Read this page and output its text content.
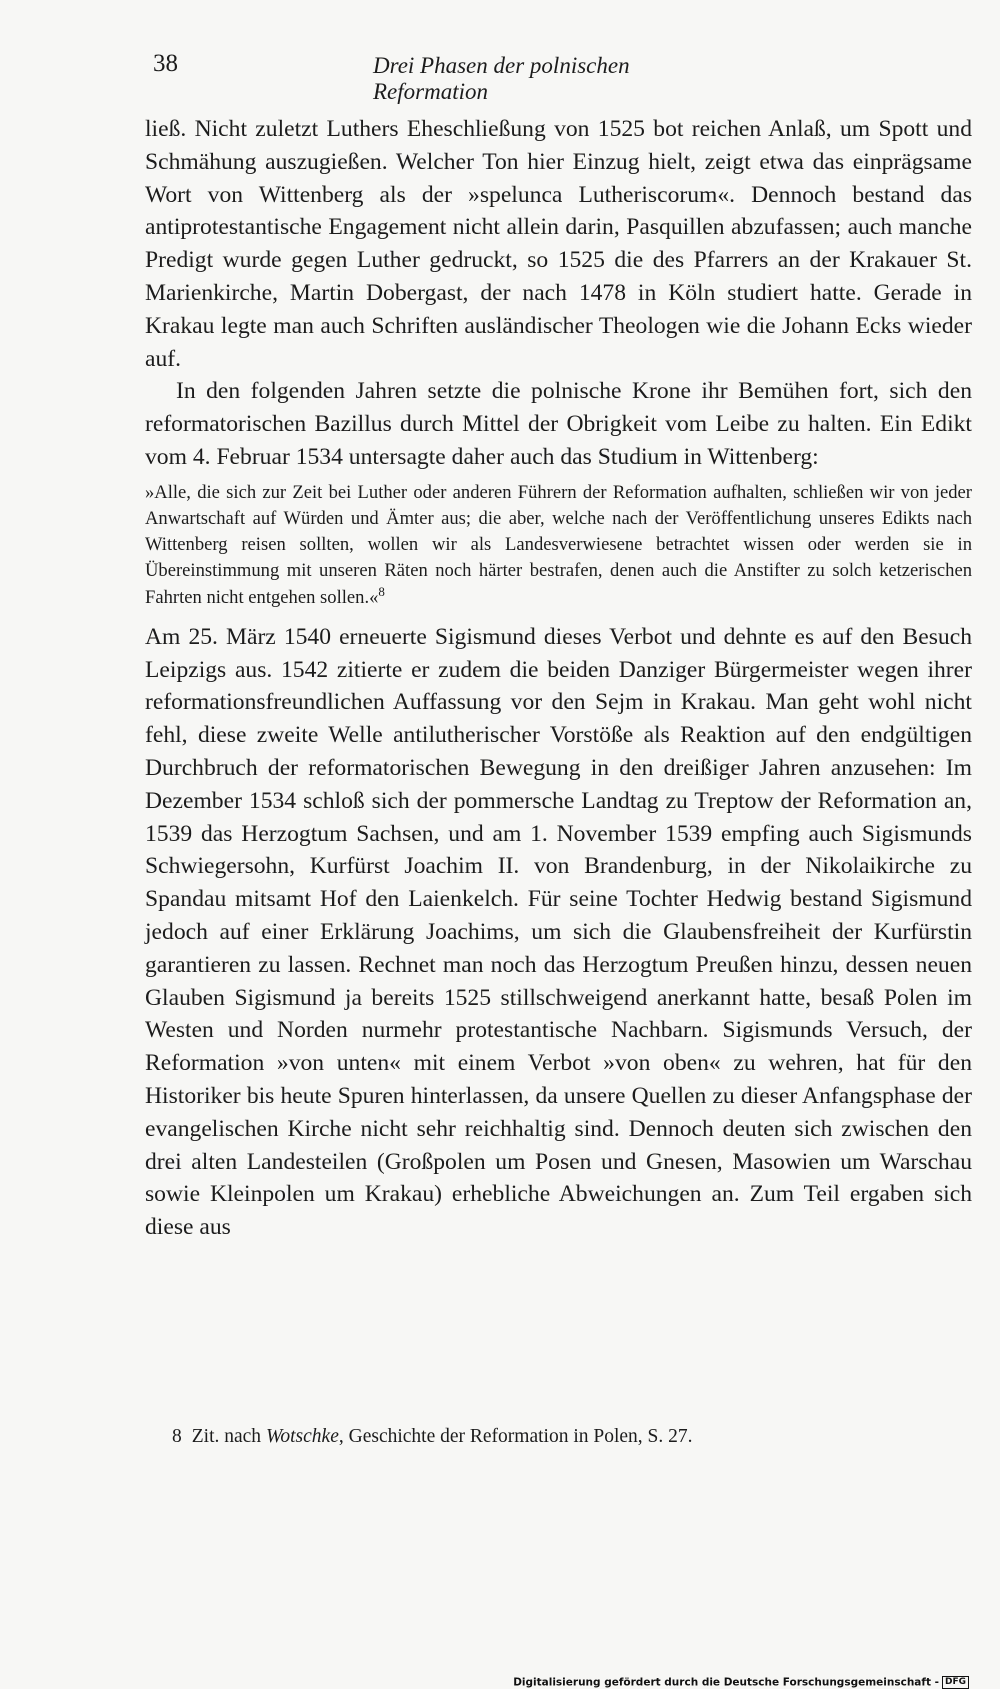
38	Drei Phasen der polnischen Reformation

ließ. Nicht zuletzt Luthers Eheschließung von 1525 bot reichen Anlaß, um Spott und Schmähung auszugießen. Welcher Ton hier Einzug hielt, zeigt etwa das einprägsame Wort von Wittenberg als der »spelunca Lutheriscorum«. Dennoch bestand das antiprotestantische Engagement nicht allein darin, Pasquillen abzufassen; auch manche Predigt wurde gegen Luther gedruckt, so 1525 die des Pfarrers an der Krakauer St. Marienkirche, Martin Dobergast, der nach 1478 in Köln studiert hatte. Gerade in Krakau legte man auch Schriften ausländischer Theologen wie die Johann Ecks wieder auf.

In den folgenden Jahren setzte die polnische Krone ihr Bemühen fort, sich den reformatorischen Bazillus durch Mittel der Obrigkeit vom Leibe zu halten. Ein Edikt vom 4. Februar 1534 untersagte daher auch das Studium in Wittenberg:

»Alle, die sich zur Zeit bei Luther oder anderen Führern der Reformation aufhalten, schließen wir von jeder Anwartschaft auf Würden und Ämter aus; die aber, welche nach der Veröffentlichung unseres Edikts nach Wittenberg reisen sollten, wollen wir als Landesverwiesene betrachtet wissen oder werden sie in Übereinstimmung mit unseren Räten noch härter bestrafen, denen auch die Anstifter zu solch ketzerischen Fahrten nicht entgehen sollen.«$^8$

Am 25. März 1540 erneuerte Sigismund dieses Verbot und dehnte es auf den Besuch Leipzigs aus. 1542 zitierte er zudem die beiden Danziger Bürgermeister wegen ihrer reformationsfreundlichen Auffassung vor den Sejm in Krakau. Man geht wohl nicht fehl, diese zweite Welle antilutherischer Vorstöße als Reaktion auf den endgültigen Durchbruch der reformatorischen Bewegung in den dreißiger Jahren anzusehen: Im Dezember 1534 schloß sich der pommersche Landtag zu Treptow der Reformation an, 1539 das Herzogtum Sachsen, und am 1. November 1539 empfing auch Sigismunds Schwiegersohn, Kurfürst Joachim II. von Brandenburg, in der Nikolaikirche zu Spandau mitsamt Hof den Laienkelch. Für seine Tochter Hedwig bestand Sigismund jedoch auf einer Erklärung Joachims, um sich die Glaubensfreiheit der Kurfürstin garantieren zu lassen. Rechnet man noch das Herzogtum Preußen hinzu, dessen neuen Glauben Sigismund ja bereits 1525 stillschweigend anerkannt hatte, besaß Polen im Westen und Norden nurmehr protestantische Nachbarn. Sigismunds Versuch, der Reformation »von unten« mit einem Verbot »von oben« zu wehren, hat für den Historiker bis heute Spuren hinterlassen, da unsere Quellen zu dieser Anfangsphase der evangelischen Kirche nicht sehr reichhaltig sind. Dennoch deuten sich zwischen den drei alten Landesteilen (Großpolen um Posen und Gnesen, Masowien um Warschau sowie Kleinpolen um Krakau) erhebliche Abweichungen an. Zum Teil ergaben sich diese aus

8 Zit. nach Wotschke, Geschichte der Reformation in Polen, S. 27.
Digitalisierung gefördert durch die Deutsche Forschungsgemeinschaft - DFG
